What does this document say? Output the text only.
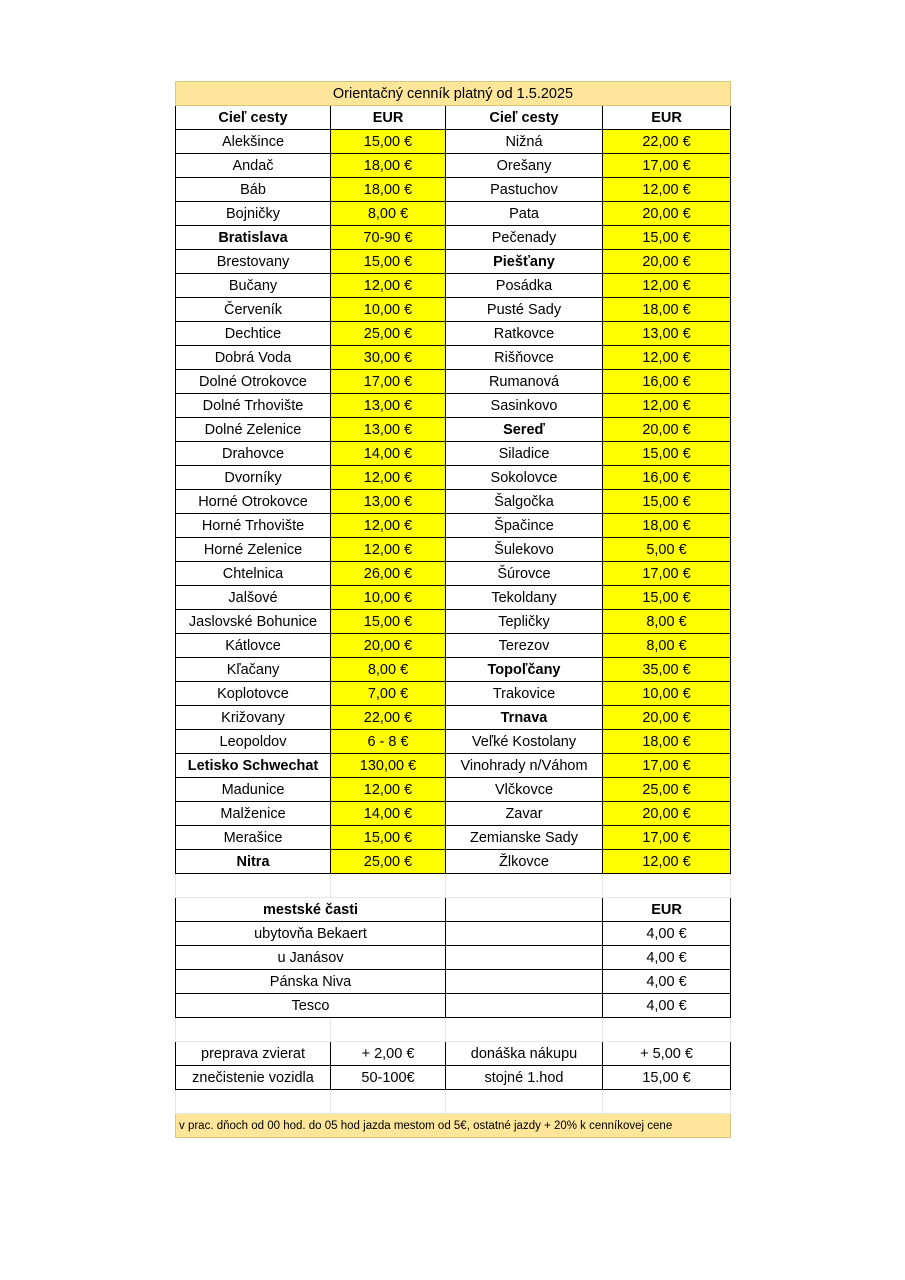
Orientačný cenník platný od 1.5.2025			
Cieľ cesty	EUR	Cieľ cesty	EUR
Alekšince	15,00 €	Nižná	22,00 €
Andač	18,00 €	Orešany	17,00 €
Báb	18,00 €	Pastuchov	12,00 €
Bojničky	8,00 €	Pata	20,00 €
Bratislava	70-90 €	Pečenady	15,00 €
Brestovany	15,00 €	Piešťany	20,00 €
Bučany	12,00 €	Posádka	12,00 €
Červeník	10,00 €	Pusté Sady	18,00 €
Dechtice	25,00 €	Ratkovce	13,00 €
Dobrá Voda	30,00 €	Rišňovce	12,00 €
Dolné Otrokovce	17,00 €	Rumanová	16,00 €
Dolné Trhovište	13,00 €	Sasinkovo	12,00 €
Dolné Zelenice	13,00 €	Sereď	20,00 €
Drahovce	14,00 €	Siladice	15,00 €
Dvorníky	12,00 €	Sokolovce	16,00 €
Horné Otrokovce	13,00 €	Šalgočka	15,00 €
Horné Trhovište	12,00 €	Špačince	18,00 €
Horné Zelenice	12,00 €	Šulekovo	5,00 €
Chtelnica	26,00 €	Šúrovce	17,00 €
Jalšové	10,00 €	Tekoldany	15,00 €
Jaslovské Bohunice	15,00 €	Tepličky	8,00 €
Kátlovce	20,00 €	Terezov	8,00 €
Kľačany	8,00 €	Topoľčany	35,00 €
Koplotovce	7,00 €	Trakovice	10,00 €
Križovany	22,00 €	Trnava	20,00 €
Leopoldov	6 - 8 €	Veľké Kostolany	18,00 €
Letisko Schwechat	130,00 €	Vinohrady n/Váhom	17,00 €
Madunice	12,00 €	Vlčkovce	25,00 €
Malženice	14,00 €	Zavar	20,00 €
Merašice	15,00 €	Zemianske Sady	17,00 €
Nitra	25,00 €	Žlkovce	12,00 €

mestské časti			EUR
ubytovňa Bekaert			4,00 €
u Janásov			4,00 €
Pánska Niva			4,00 €
Tesco			4,00 €

preprava zvierat	+ 2,00 €	donáška nákupu	+ 5,00 €
znečistenie vozidla	50-100€	stojné 1.hod	15,00 €

v prac. dňoch od 00 hod. do 05 hod jazda mestom od 5€, ostatné jazdy + 20% k cenníkovej cene			
